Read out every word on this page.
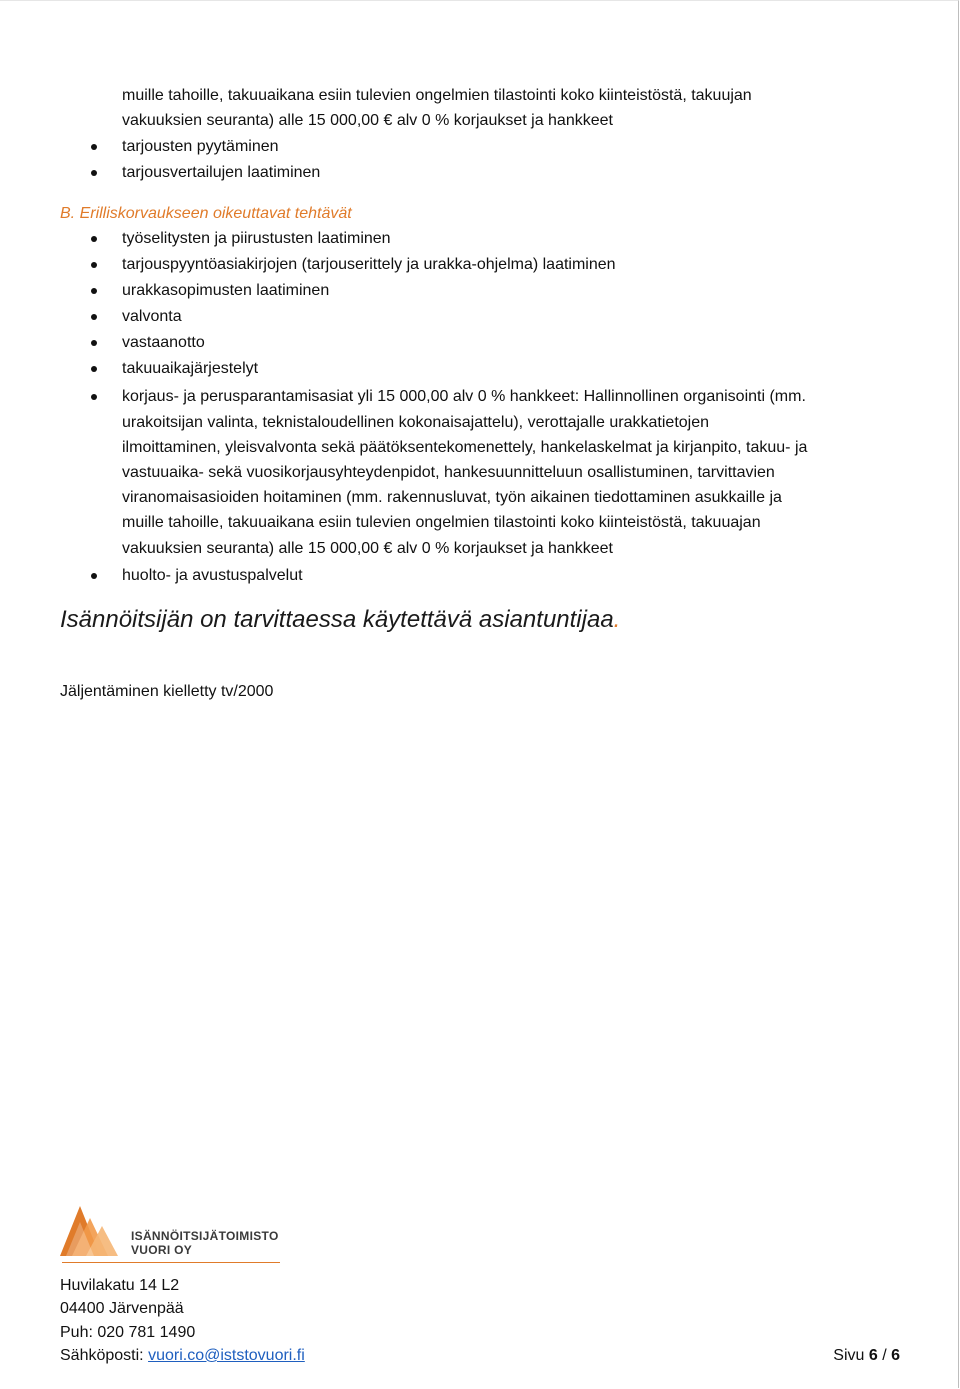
muille tahoille, takuuaikana esiin tulevien ongelmien tilastointi koko kiinteistöstä, takuujan
vakuuksien seuranta) alle 15 000,00 € alv 0 % korjaukset ja hankkeet
tarjousten pyytäminen
tarjousvertailujen laatiminen
B. Erilliskorvaukseen oikeuttavat tehtävät
työselitysten ja piirustusten laatiminen
tarjouspyyntöasiakirjojen (tarjouserittely ja urakka-ohjelma) laatiminen
urakkasopimusten laatiminen
valvonta
vastaanotto
takuuaikajärjestelyt
korjaus- ja perusparantamisasiat yli 15 000,00 alv 0 % hankkeet: Hallinnollinen organisointi (mm.
urakoitsijan valinta, teknistaloudellinen kokonaisajattelu), verottajalle urakkatietojen
ilmoittaminen, yleisvalvonta sekä päätöksentekomenettely, hankelaskelmat ja kirjanpito, takuu- ja
vastuuaika- sekä vuosikorjausyhteydenpidot, hankesuunnitteluun osallistuminen, tarvittavien
viranomaisasioiden hoitaminen (mm. rakennusluvat, työn aikainen tiedottaminen asukkaille ja
muille tahoille, takuuaikana esiin tulevien ongelmien tilastointi koko kiinteistöstä, takuuajan
vakuuksien seuranta) alle 15 000,00 € alv 0 % korjaukset ja hankkeet
huolto- ja avustuspalvelut
Isännöitsijän on tarvittaessa käytettävä asiantuntijaa.
Jäljentäminen kielletty tv/2000
ISÄNNÖITSIJÄTOIMISTO
VUORI OY
Huvilakatu 14 L2
04400 Järvenpää
Puh: 020 781 1490
Sähköposti: vuori.co@iststovuori.fi	Sivu 6 / 6
